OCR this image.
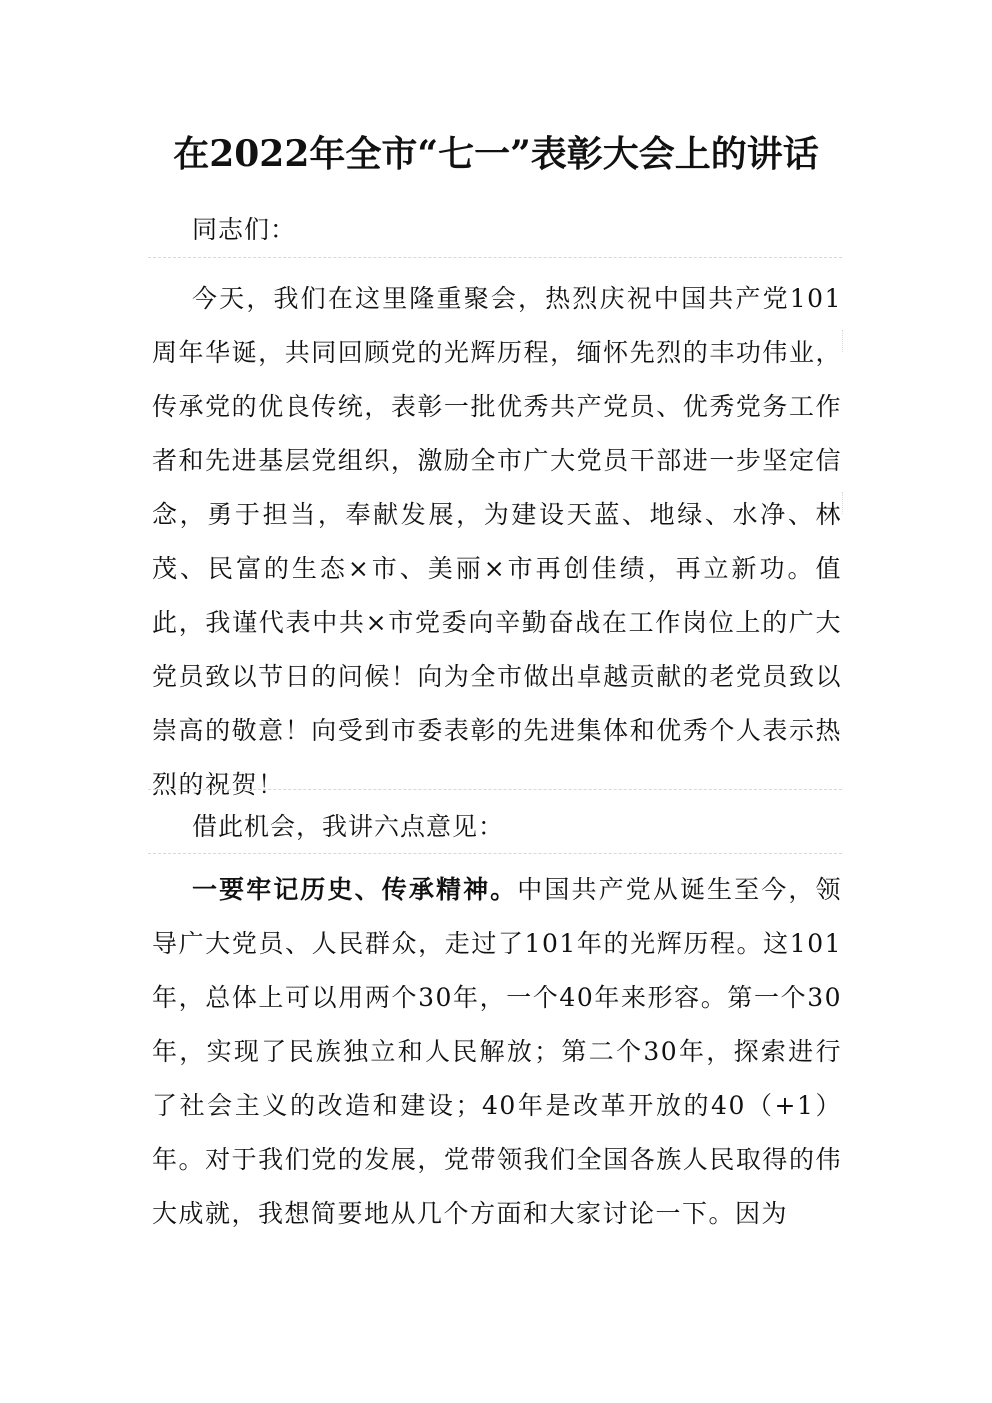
在2022年全市“七一”表彰大会上的讲话

同志们：

今天，我们在这里隆重聚会，热烈庆祝中国共产党101周年华诞，共同回顾党的光辉历程，缅怀先烈的丰功伟业，传承党的优良传统，表彰一批优秀共产党员、优秀党务工作者和先进基层党组织，激励全市广大党员干部进一步坚定信念，勇于担当，奉献发展，为建设天蓝、地绿、水净、林茂、民富的生态×市、美丽×市再创佳绩，再立新功。值此，我谨代表中共×市党委向辛勤奋战在工作岗位上的广大党员致以节日的问候！向为全市做出卓越贡献的老党员致以崇高的敬意！向受到市委表彰的先进集体和优秀个人表示热烈的祝贺！

借此机会，我讲六点意见：

一要牢记历史、传承精神。中国共产党从诞生至今，领导广大党员、人民群众，走过了101年的光辉历程。这101年，总体上可以用两个30年，一个40年来形容。第一个30年，实现了民族独立和人民解放；第二个30年，探索进行了社会主义的改造和建设；40年是改革开放的40（+1）年。对于我们党的发展，党带领我们全国各族人民取得的伟大成就，我想简要地从几个方面和大家讨论一下。因为
